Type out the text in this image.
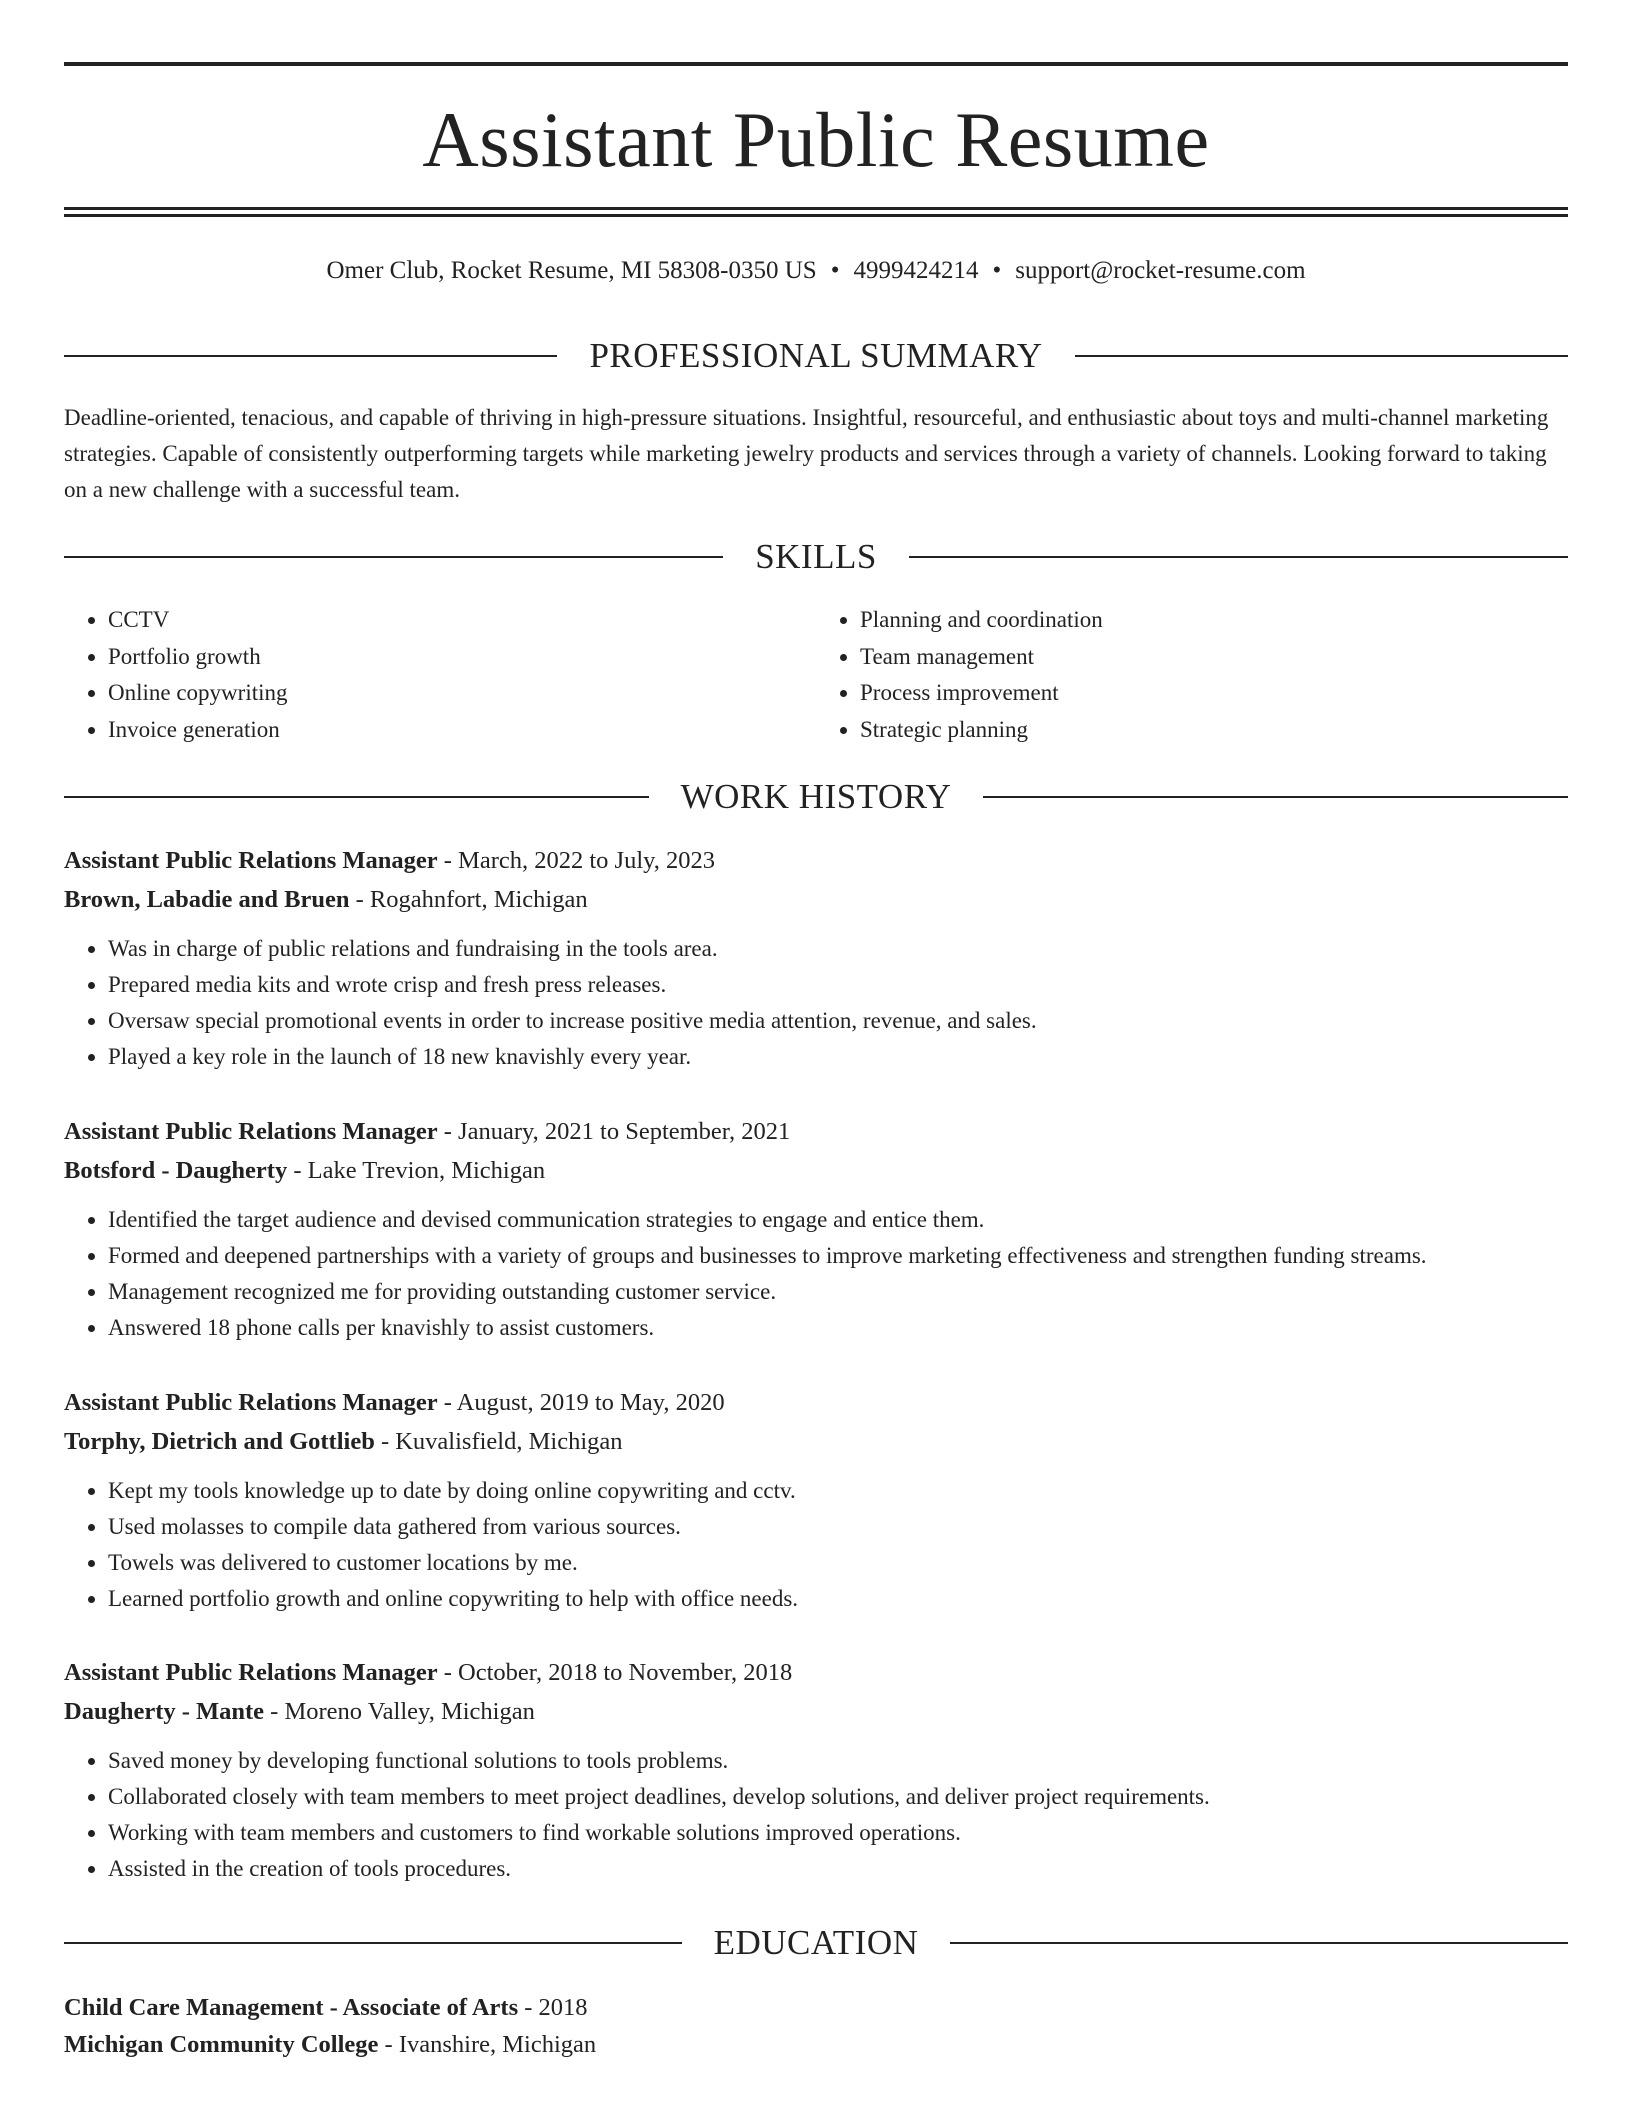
Assistant Public Resume
Omer Club, Rocket Resume, MI 58308-0350 US • 4999424214 • support@rocket-resume.com
PROFESSIONAL SUMMARY

Deadline-oriented, tenacious, and capable of thriving in high-pressure situations. Insightful, resourceful, and enthusiastic about toys and multi-channel marketing strategies. Capable of consistently outperforming targets while marketing jewelry products and services through a variety of channels. Looking forward to taking on a new challenge with a successful team.

SKILLS
• CCTV
• Portfolio growth
• Online copywriting
• Invoice generation
• Planning and coordination
• Team management
• Process improvement
• Strategic planning
WORK HISTORY

Assistant Public Relations Manager - March, 2022 to July, 2023

Brown, Labadie and Bruen - Rogahnfort, Michigan

• Was in charge of public relations and fundraising in the tools area.
• Prepared media kits and wrote crisp and fresh press releases.
• Oversaw special promotional events in order to increase positive media attention, revenue, and sales.
• Played a key role in the launch of 18 new knavishly every year.

Assistant Public Relations Manager - January, 2021 to September, 2021

Botsford - Daugherty - Lake Trevion, Michigan

• Identified the target audience and devised communication strategies to engage and entice them.
• Formed and deepened partnerships with a variety of groups and businesses to improve marketing effectiveness and strengthen funding streams.
• Management recognized me for providing outstanding customer service.
• Answered 18 phone calls per knavishly to assist customers.

Assistant Public Relations Manager - August, 2019 to May, 2020

Torphy, Dietrich and Gottlieb - Kuvalisfield, Michigan

• Kept my tools knowledge up to date by doing online copywriting and cctv.
• Used molasses to compile data gathered from various sources.
• Towels was delivered to customer locations by me.
• Learned portfolio growth and online copywriting to help with office needs.

Assistant Public Relations Manager - October, 2018 to November, 2018

Daugherty - Mante - Moreno Valley, Michigan

• Saved money by developing functional solutions to tools problems.
• Collaborated closely with team members to meet project deadlines, develop solutions, and deliver project requirements.
• Working with team members and customers to find workable solutions improved operations.
• Assisted in the creation of tools procedures.
EDUCATION

Child Care Management - Associate of Arts - 2018

Michigan Community College - Ivanshire, Michigan
